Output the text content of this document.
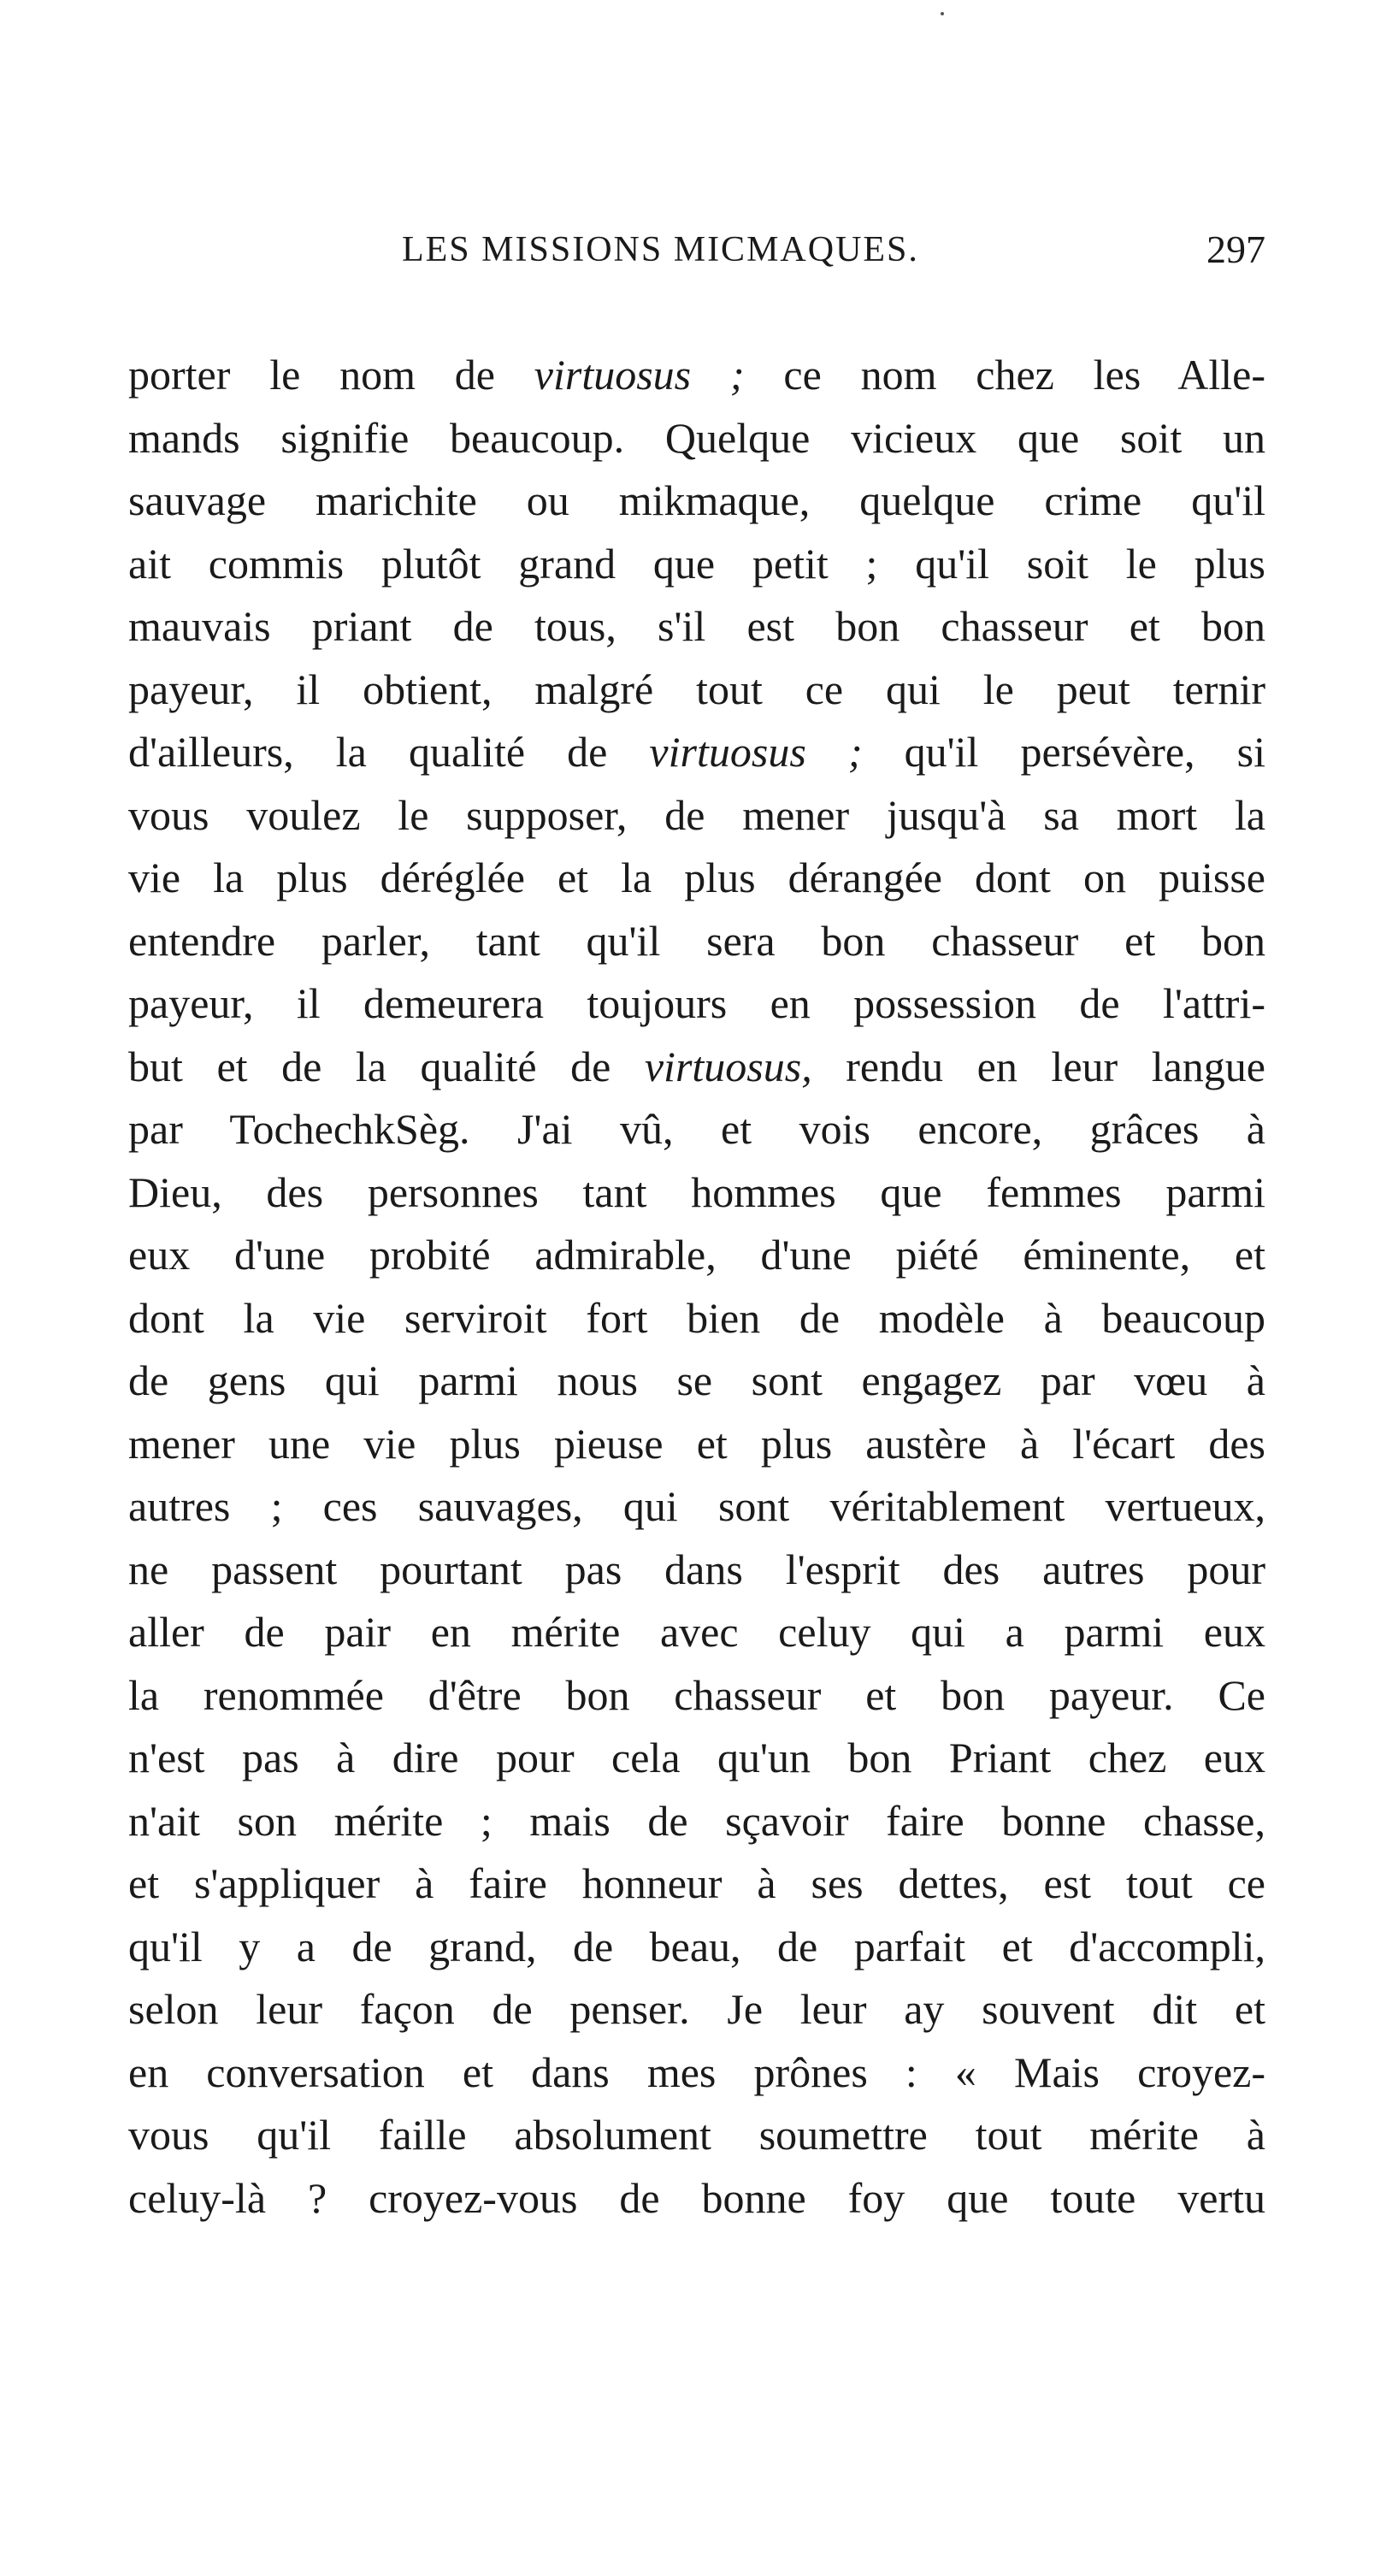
LES MISSIONS MICMAQUES.	297
porter le nom de virtuosus ; ce nom chez les Alle-
mands signifie beaucoup. Quelque vicieux que soit un
sauvage marichite ou mikmaque, quelque crime qu'il
ait commis plutôt grand que petit ; qu'il soit le plus
mauvais priant de tous, s'il est bon chasseur et bon
payeur, il obtient, malgré tout ce qui le peut ternir
d'ailleurs, la qualité de virtuosus ; qu'il persévère, si
vous voulez le supposer, de mener jusqu'à sa mort la
vie la plus déréglée et la plus dérangée dont on puisse
entendre parler, tant qu'il sera bon chasseur et bon
payeur, il demeurera toujours en possession de l'attri-
but et de la qualité de virtuosus, rendu en leur langue
par TochechkSèg. J'ai vû, et vois encore, grâces à
Dieu, des personnes tant hommes que femmes parmi
eux d'une probité admirable, d'une piété éminente, et
dont la vie serviroit fort bien de modèle à beaucoup
de gens qui parmi nous se sont engagez par vœu à
mener une vie plus pieuse et plus austère à l'écart des
autres ; ces sauvages, qui sont véritablement vertueux,
ne passent pourtant pas dans l'esprit des autres pour
aller de pair en mérite avec celuy qui a parmi eux
la renommée d'être bon chasseur et bon payeur. Ce
n'est pas à dire pour cela qu'un bon Priant chez eux
n'ait son mérite ; mais de sçavoir faire bonne chasse,
et s'appliquer à faire honneur à ses dettes, est tout ce
qu'il y a de grand, de beau, de parfait et d'accompli,
selon leur façon de penser. Je leur ay souvent dit et
en conversation et dans mes prônes : « Mais croyez-
vous qu'il faille absolument soumettre tout mérite à
celuy-là ? croyez-vous de bonne foy que toute vertu
